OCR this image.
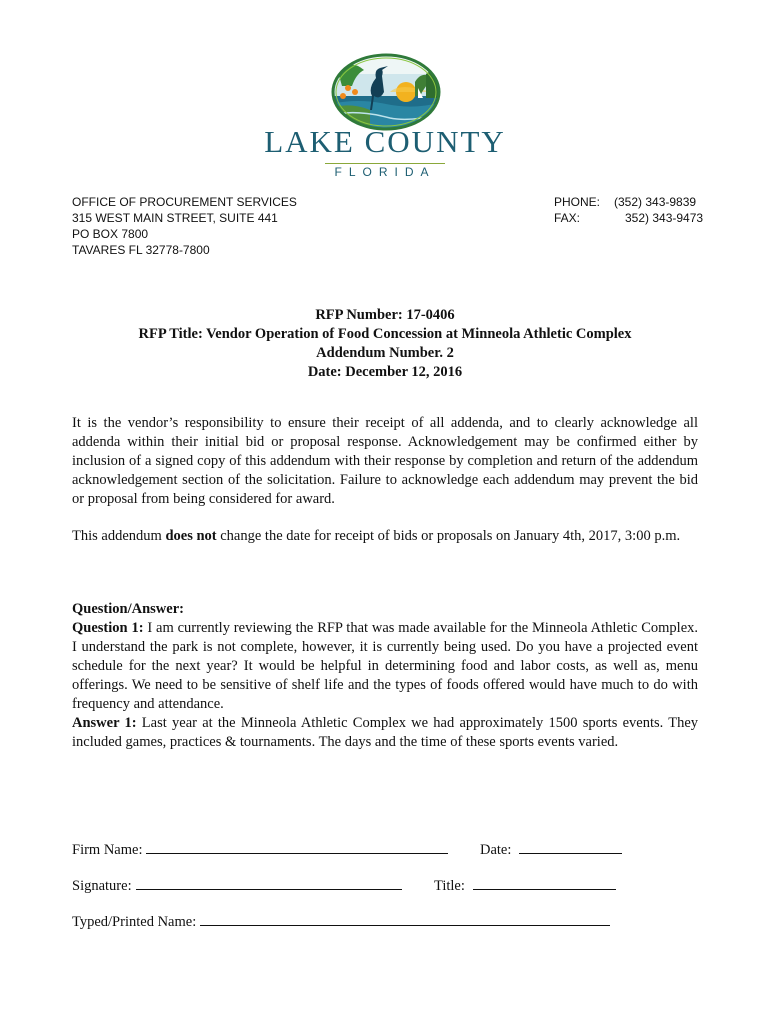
LAKE COUNTY
FLORIDA
OFFICE OF PROCUREMENT SERVICES
315 WEST MAIN STREET, SUITE 441
PO BOX 7800
TAVARES FL 32778-7800
PHONE: (352) 343-9839
FAX:	352) 343-9473
RFP Number: 17-0406
RFP Title: Vendor Operation of Food Concession at Minneola Athletic Complex
Addendum Number. 2
Date: December 12, 2016
It is the vendor’s responsibility to ensure their receipt of all addenda, and to clearly acknowledge all addenda within their initial bid or proposal response. Acknowledgement may be confirmed either by inclusion of a signed copy of this addendum with their response by completion and return of the addendum acknowledgement section of the solicitation. Failure to acknowledge each addendum may prevent the bid or proposal from being considered for award.
This addendum does not change the date for receipt of bids or proposals on January 4th, 2017, 3:00 p.m.
Question/Answer:
Question 1: I am currently reviewing the RFP that was made available for the Minneola Athletic Complex. I understand the park is not complete, however, it is currently being used. Do you have a projected event schedule for the next year? It would be helpful in determining food and labor costs, as well as, menu offerings. We need to be sensitive of shelf life and the types of foods offered would have much to do with frequency and attendance.
Answer 1: Last year at the Minneola Athletic Complex we had approximately 1500 sports events. They included games, practices & tournaments. The days and the time of these sports events varied.
Firm Name:	Date:
Signature:	Title:
Typed/Printed Name:
